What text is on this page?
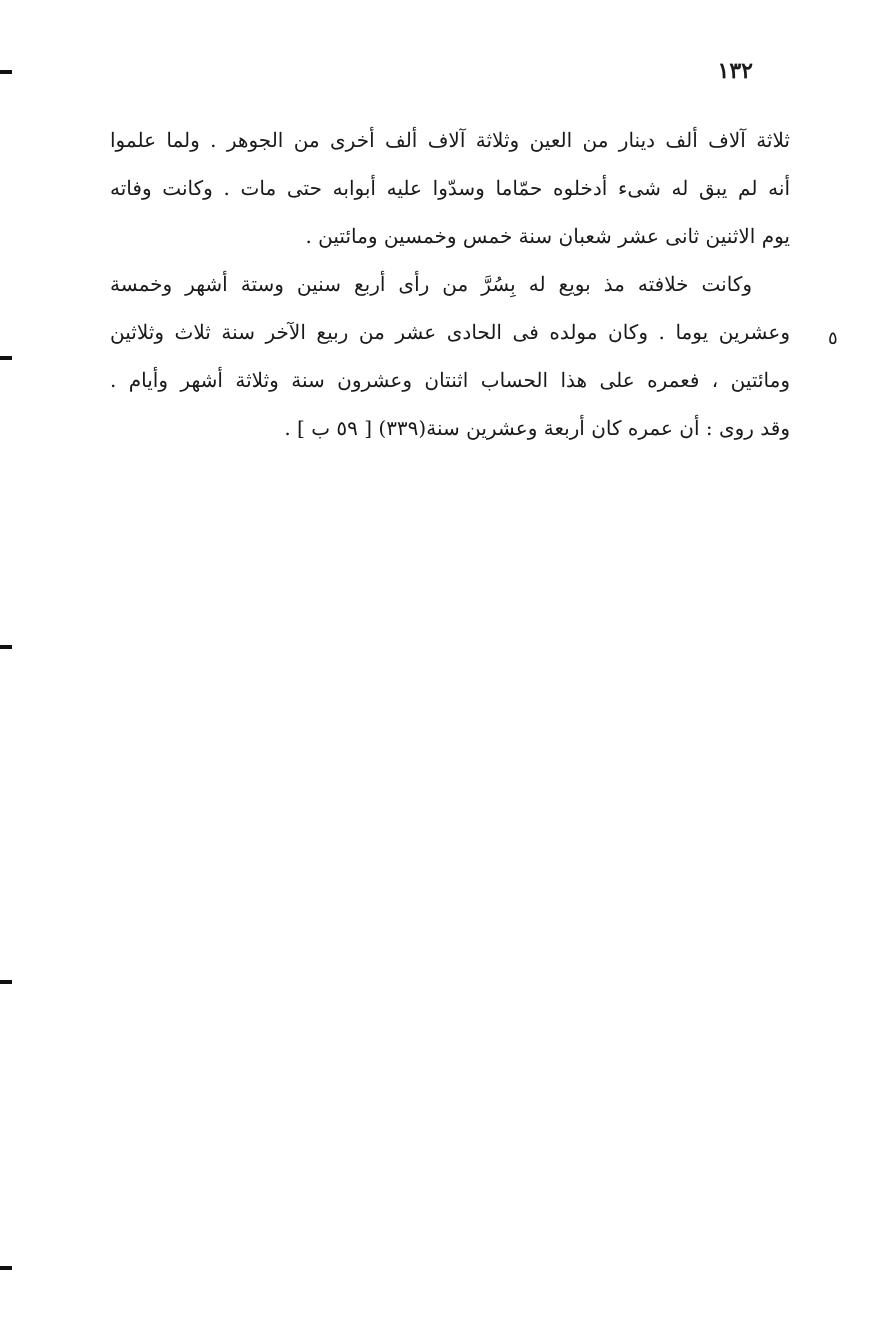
١٣٢
ثلاثة آلاف ألف دينار من العين وثلاثة آلاف ألف أخرى من الجوهر . ولما علموا
أنه لم يبق له شىء أدخلوه حمّاما وسدّوا عليه أبوابه حتى مات . وكانت وفاته
يوم الاثنين ثانى عشر شعبان سنة خمس وخمسين ومائتين .
وكانت خلافته مذ بويع له بِسُرَّ من رأى أربع سنين وستة أشهر وخمسة
وعشرين يوما . وكان مولده فى الحادى عشر من ربيع الآخر سنة ثلاث وثلاثين
ومائتين ، فعمره على هذا الحساب اثنتان وعشرون سنة وثلاثة أشهر وأيام .
وقد روى : أن عمره كان أربعة وعشرين سنة(٣٣٩) [ ٥٩ ب ] .
٥
